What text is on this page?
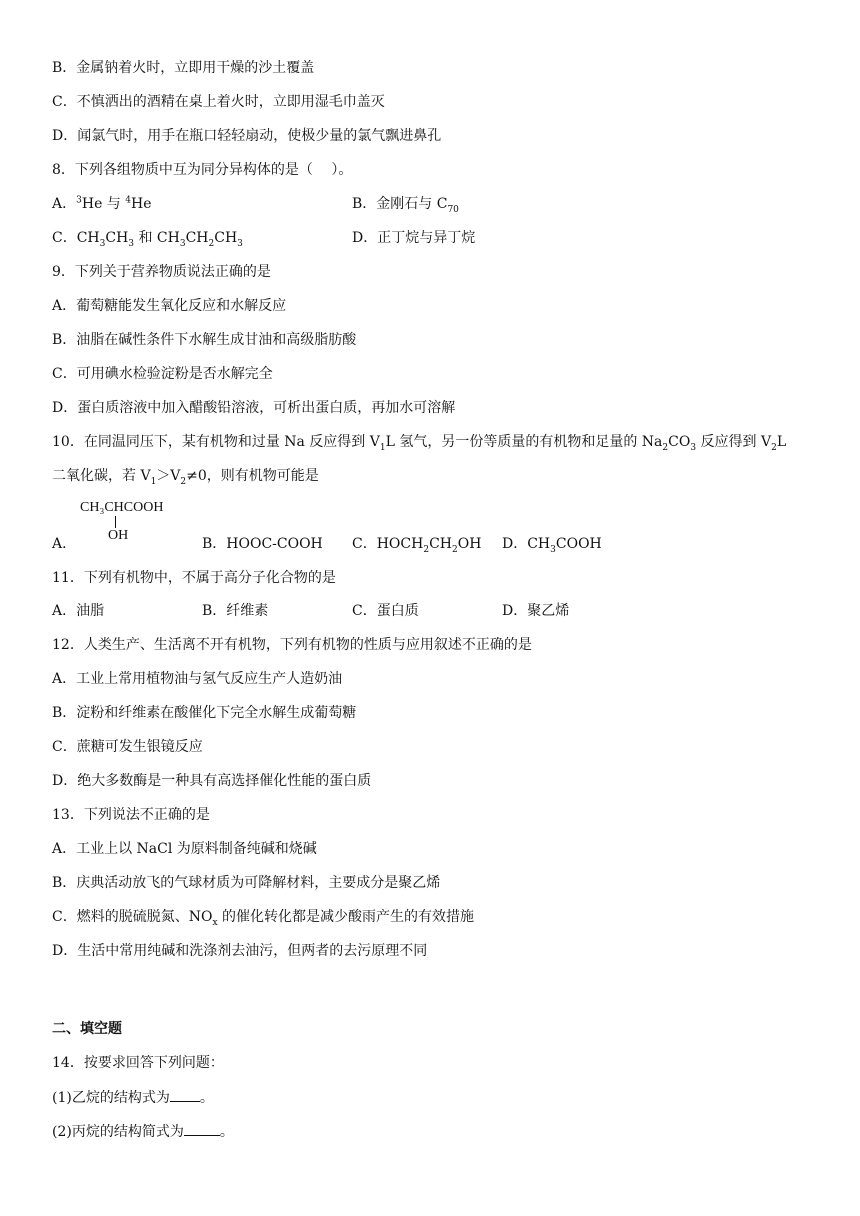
B．金属钠着火时，立即用干燥的沙土覆盖
C．不慎洒出的酒精在桌上着火时，立即用湿毛巾盖灭
D．闻氯气时，用手在瓶口轻轻扇动，使极少量的氯气飘进鼻孔
8．下列各组物质中互为同分异构体的是（　 ）。
A．$^3$He 与 $^4$He	B．金刚石与 $C_{70}$
C．$CH_3CH_3$ 和 $CH_3CH_2CH_3$	D．正丁烷与异丁烷
9．下列关于营养物质说法正确的是
A．葡萄糖能发生氧化反应和水解反应
B．油脂在碱性条件下水解生成甘油和高级脂肪酸
C．可用碘水检验淀粉是否水解完全
D．蛋白质溶液中加入醋酸铅溶液，可析出蛋白质，再加水可溶解
10．在同温同压下，某有机物和过量 Na 反应得到 $V_1L$ 氢气，另一份等质量的有机物和足量的 $Na_2CO_3$ 反应得到 $V_2L$
二氧化碳，若 $V_1>V_2\ne 0$，则有机物可能是
CH₃CHCOOH
OH
A．	B．HOOC-COOH C．$HOCH_2CH_2OH$ D．$CH_3COOH$
11．下列有机物中，不属于高分子化合物的是
A．油脂	B．纤维素	C．蛋白质	D．聚乙烯
12．人类生产、生活离不开有机物，下列有机物的性质与应用叙述不正确的是
A．工业上常用植物油与氢气反应生产人造奶油
B．淀粉和纤维素在酸催化下完全水解生成葡萄糖
C．蔗糖可发生银镜反应
D．绝大多数酶是一种具有高选择催化性能的蛋白质
13．下列说法不正确的是
A．工业上以 NaCl 为原料制备纯碱和烧碱
B．庆典活动放飞的气球材质为可降解材料，主要成分是聚乙烯
C．燃料的脱硫脱氮、$NO_x$ 的催化转化都是减少酸雨产生的有效措施
D．生活中常用纯碱和洗涤剂去油污，但两者的去污原理不同
二、填空题
14．按要求回答下列问题：
(1)乙烷的结构式为 。
(2)丙烷的结构简式为	。
